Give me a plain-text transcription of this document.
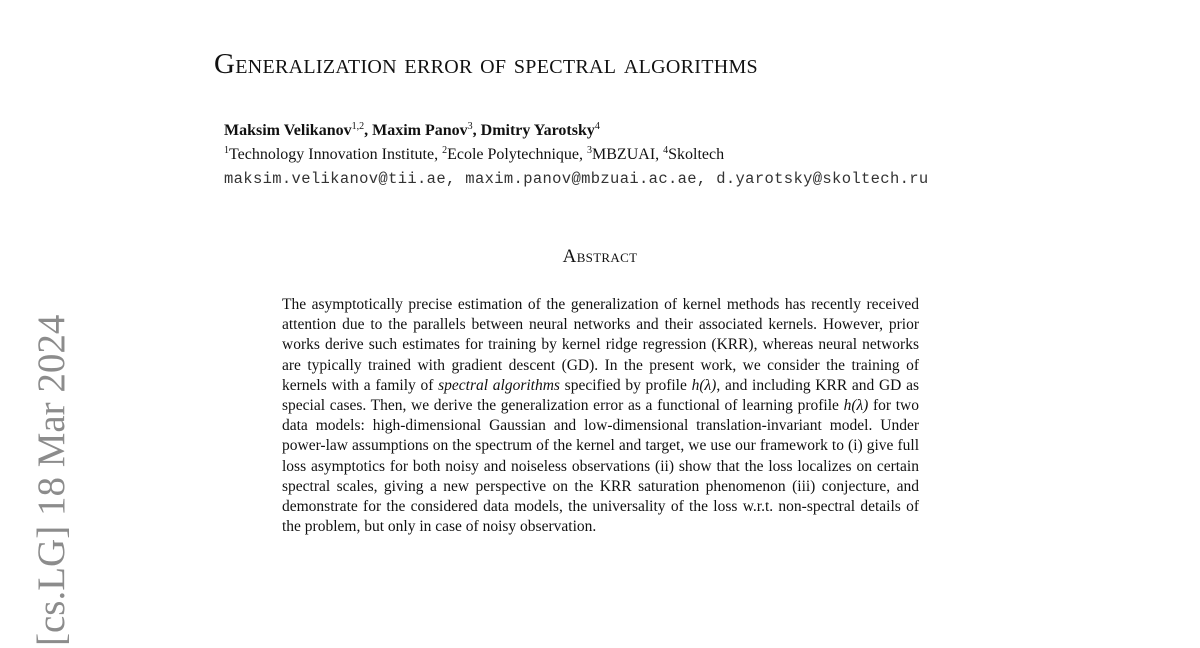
[cs.LG] 18 Mar 2024
Generalization error of spectral algorithms
Maksim Velikanov$^{1,2}$, Maxim Panov$^3$, Dmitry Yarotsky$^4$
$^1$Technology Innovation Institute, $^2$Ecole Polytechnique, $^3$MBZUAI, $^4$Skoltech
maksim.velikanov@tii.ae, maxim.panov@mbzuai.ac.ae, d.yarotsky@skoltech.ru
Abstract
The asymptotically precise estimation of the generalization of kernel methods has recently received attention due to the parallels between neural networks and their associated kernels. However, prior works derive such estimates for training by kernel ridge regression (KRR), whereas neural networks are typically trained with gradient descent (GD). In the present work, we consider the training of kernels with a family of spectral algorithms specified by profile h(λ), and including KRR and GD as special cases. Then, we derive the generalization error as a functional of learning profile h(λ) for two data models: high-dimensional Gaussian and low-dimensional translation-invariant model. Under power-law assumptions on the spectrum of the kernel and target, we use our framework to (i) give full loss asymptotics for both noisy and noiseless observations (ii) show that the loss localizes on certain spectral scales, giving a new perspective on the KRR saturation phenomenon (iii) conjecture, and demonstrate for the considered data models, the universality of the loss w.r.t. non-spectral details of the problem, but only in case of noisy observation.
